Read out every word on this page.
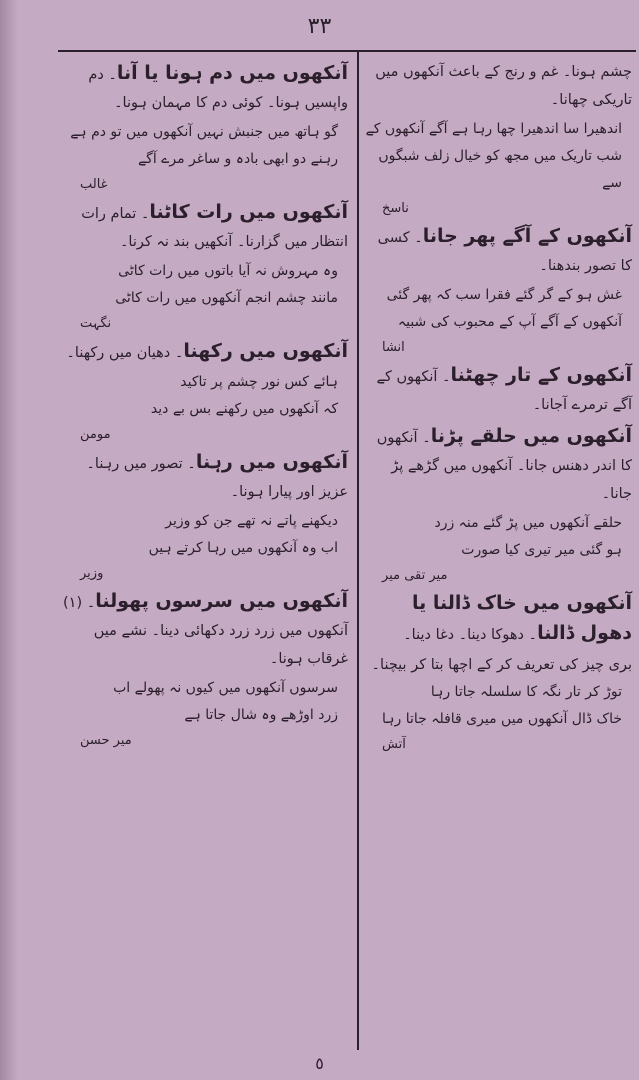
٣٣
چشم ہونا۔ غم و رنج کے باعث آنکھوں میں تاریکی چھانا۔
اندھیرا سا اندھیرا چھا رہا ہے آگے آنکھوں کے
شب تاریک میں مجھ کو خیال زلف شبگوں سے
ناسخ
آنکھوں کے آگے پھر جانا۔ کسی کا تصور بندھنا۔
غش ہو کے گر گئے فقرا سب کہ پھر گئی
آنکھوں کے آگے آپ کے محبوب کی شبیہ
انشا
آنکھوں کے تار چھٹنا۔ آنکھوں کے آگے ترمرے آجانا۔
آنکھوں میں حلقے پڑنا۔ آنکھوں کا اندر دھنس جانا۔ آنکھوں میں گڑھے پڑ جانا۔
حلقے آنکھوں میں پڑ گئے منہ زرد
ہو گئی میر تیری کیا صورت
میر تقی میر
آنکھوں میں خاک ڈالنا یا دھول ڈالنا۔ دھوکا دینا۔ دغا دینا۔
بری چیز کی تعریف کر کے اچھا بتا کر بیچنا۔
توڑ کر تار نگہ کا سلسلہ جاتا رہا
خاک ڈال آنکھوں میں میری قافلہ جاتا رہا
آتش
آنکھوں میں دم ہونا یا آنا۔ دم واپسیں ہونا۔ کوئی دم کا مہمان ہونا۔
گو ہاتھ میں جنبش نہیں آنکھوں میں تو دم ہے
رہنے دو ابھی بادہ و ساغر مرے آگے
غالب
آنکھوں میں رات کاٹنا۔ تمام رات انتظار میں گزارنا۔ آنکھیں بند نہ کرنا۔
وہ مہروش نہ آیا باتوں میں رات کاٹی
مانند چشم انجم آنکھوں میں رات کاٹی
نگہت
آنکھوں میں رکھنا۔ دھیان میں رکھنا۔
ہائے کس نور چشم پر تاکید
کہ آنکھوں میں رکھنے بس بے دید
مومن
آنکھوں میں رہنا۔ تصور میں رہنا۔ عزیز اور پیارا ہونا۔
دیکھنے پاتے نہ تھے جن کو وزیر
اب وہ آنکھوں میں رہا کرتے ہیں
وزیر
آنکھوں میں سرسوں پھولنا۔ (۱) آنکھوں میں زرد زرد دکھائی دینا۔ نشے میں غرقاب ہونا۔
سرسوں آنکھوں میں کیوں نہ پھولے اب
زرد اوڑھے وہ شال جاتا ہے
میر حسن
٥
